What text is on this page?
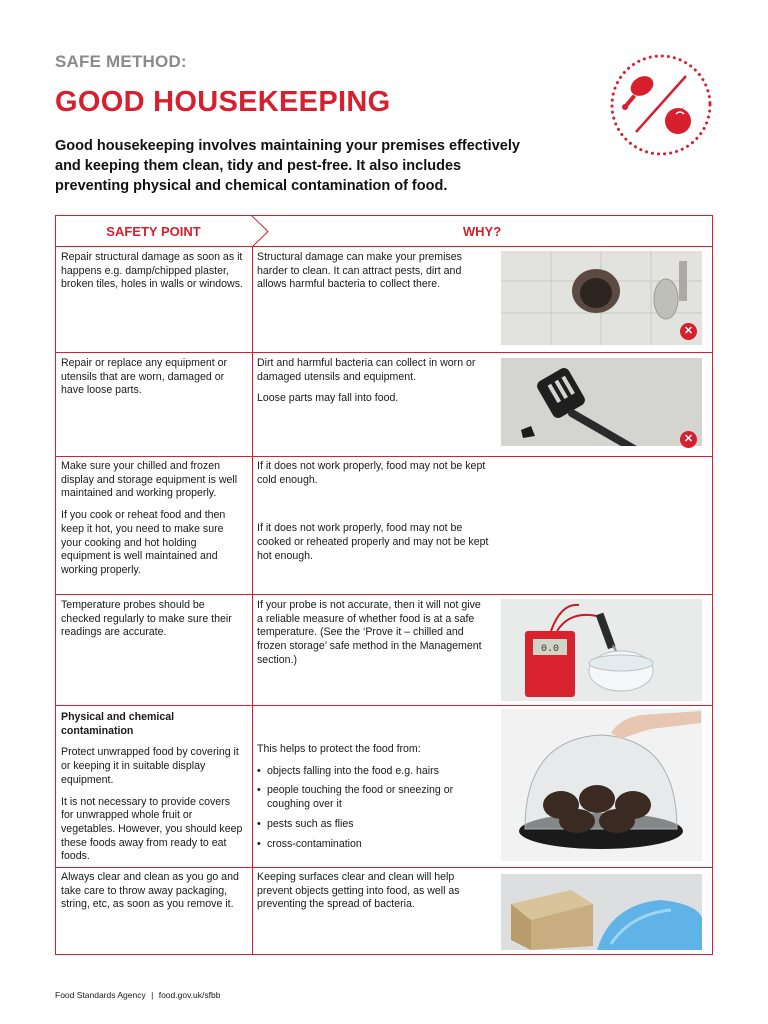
SAFE METHOD:
GOOD HOUSEKEEPING
Good housekeeping involves maintaining your premises effectively and keeping them clean, tidy and pest-free. It also includes preventing physical and chemical contamination of food.
SAFETY POINT	WHY?

Repair structural damage as soon as it happens e.g. damp/chipped plaster, broken tiles, holes in walls or windows.

Structural damage can make your premises harder to clean. It can attract pests, dirt and allows harmful bacteria to collect there.

✕

Repair or replace any equipment or utensils that are worn, damaged or have loose parts.

Dirt and harmful bacteria can collect in worn or damaged utensils and equipment.

Loose parts may fall into food.

✕

Make sure your chilled and frozen display and storage equipment is well maintained and working properly.

If you cook or reheat food and then keep it hot, you need to make sure your cooking and hot holding equipment is well maintained and working properly.

If it does not work properly, food may not be kept cold enough.

If it does not work properly, food may not be cooked or reheated properly and may not be kept hot enough.

Temperature probes should be checked regularly to make sure their readings are accurate.

If your probe is not accurate, then it will not give a reliable measure of whether food is at a safe temperature. (See the ‘Prove it – chilled and frozen storage’ safe method in the Management section.)

0.0

Physical and chemical contamination

Protect unwrapped food by covering it or keeping it in suitable display equipment.

It is not necessary to provide covers for unwrapped whole fruit or vegetables. However, you should keep these foods away from ready to eat foods.

This helps to protect the food from:

• objects falling into the food e.g. hairs
• people touching the food or sneezing or coughing over it
• pests such as flies
• cross-contamination

Always clear and clean as you go and take care to throw away packaging, string, etc, as soon as you remove it.

Keeping surfaces clear and clean will help prevent objects getting into food, as well as preventing the spread of bacteria.

Food Standards Agency | food.gov.uk/sfbb
